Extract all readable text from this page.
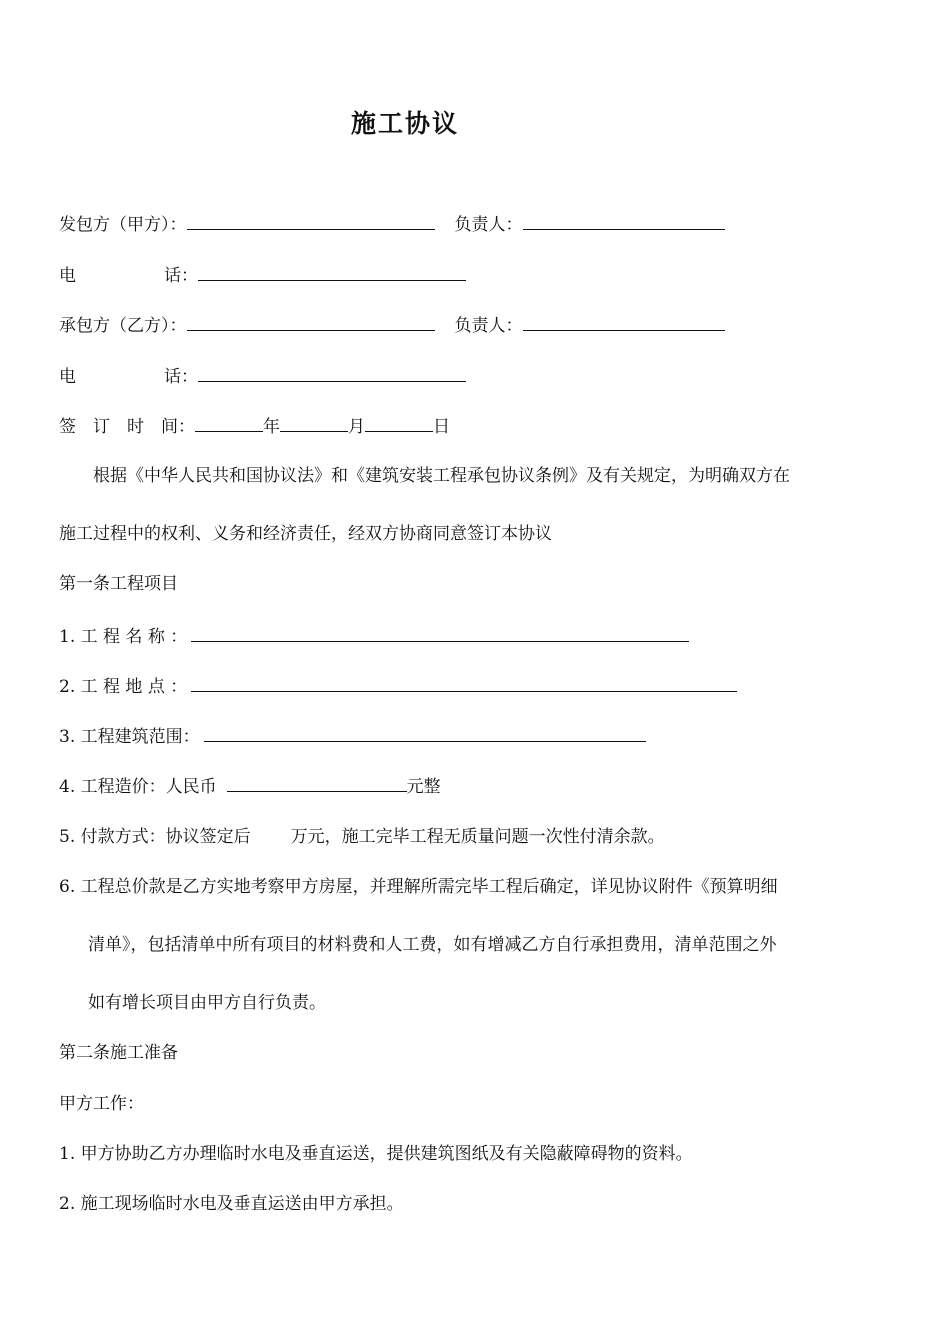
施工协议
发包方（甲方）：	负责人：
电	话：
承包方（乙方）：	负责人：
电	话：
签　订　时　间：	年	月	日
根据《中华人民共和国协议法》和《建筑安装工程承包协议条例》及有关规定，为明确双方在
施工过程中的权利、义务和经济责任，经双方协商同意签订本协议
第一条工程项目
1. 工 程 名 称 ：
2. 工 程 地 点 ：
3. 工程建筑范围：
4. 工程造价：人民币	元整
5. 付款方式：协议签定后 万元，施工完毕工程无质量问题一次性付清余款。
6. 工程总价款是乙方实地考察甲方房屋，并理解所需完毕工程后确定，详见协议附件《预算明细
清单》，包括清单中所有项目的材料费和人工费，如有增减乙方自行承担费用，清单范围之外
如有增长项目由甲方自行负责。
第二条施工准备
甲方工作：
1. 甲方协助乙方办理临时水电及垂直运送，提供建筑图纸及有关隐蔽障碍物的资料。
2. 施工现场临时水电及垂直运送由甲方承担。
